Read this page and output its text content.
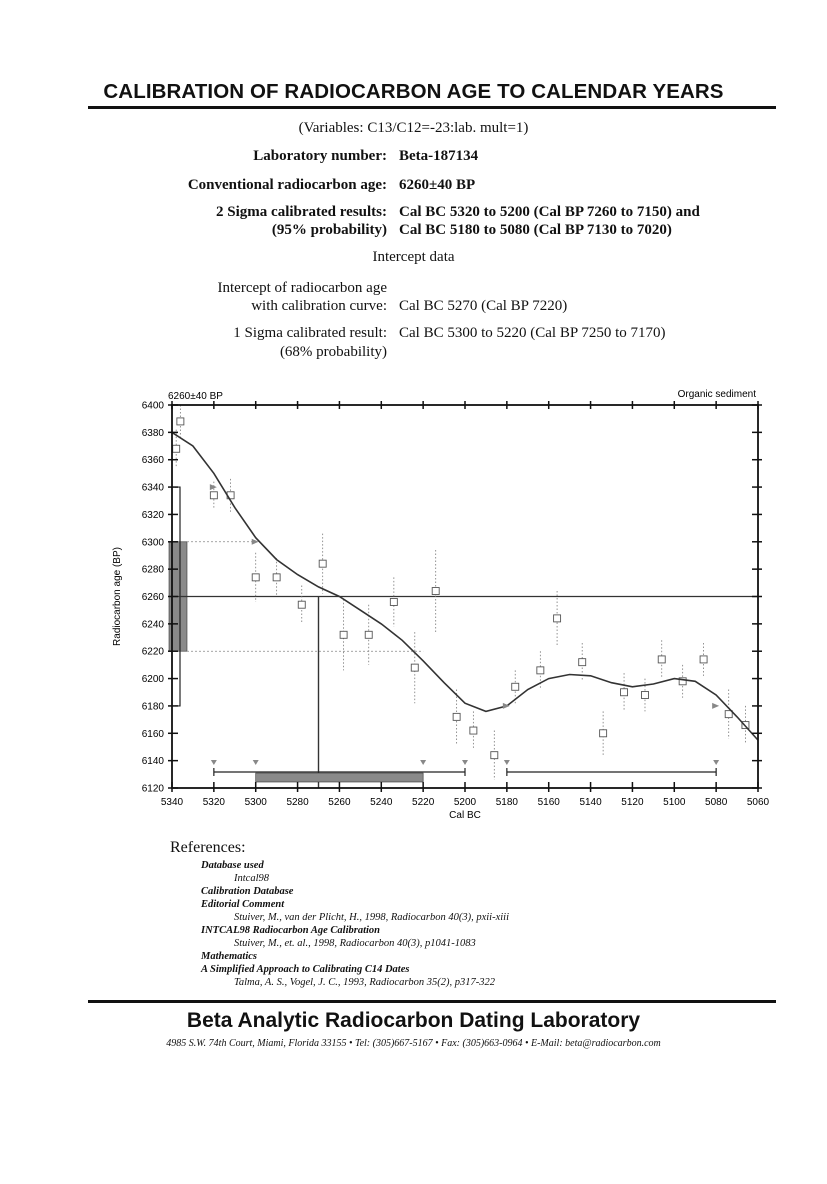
CALIBRATION OF RADIOCARBON AGE TO CALENDAR YEARS
(Variables: C13/C12=-23:lab. mult=1)
Laboratory number: Beta-187134
Conventional radiocarbon age: 6260±40 BP
2 Sigma calibrated results: Cal BC 5320 to 5200 (Cal BP 7260 to 7150) and
(95% probability) Cal BC 5180 to 5080 (Cal BP 7130 to 7020)
Intercept data
Intercept of radiocarbon age
with calibration curve: Cal BC 5270 (Cal BP 7220)
1 Sigma calibrated result: Cal BC 5300 to 5220 (Cal BP 7250 to 7170)
(68% probability)
6120
6140
6160
6180
6200
6220
6240
6260
6280
6300
6320
6340
6360
6380
6400
5340 5320 5300 5280 5260 5240 5220 5200 5180 5160 5140 5120 5100 5080 5060
6260±40 BP	Organic sediment
Cal BC
Radiocarbon age (BP)
References:
Database used
Intcal98
Calibration Database
Editorial Comment
Stuiver, M., van der Plicht, H., 1998, Radiocarbon 40(3), pxii-xiii
INTCAL98 Radiocarbon Age Calibration
Stuiver, M., et. al., 1998, Radiocarbon 40(3), p1041-1083
Mathematics
A Simplified Approach to Calibrating C14 Dates
Talma, A. S., Vogel, J. C., 1993, Radiocarbon 35(2), p317-322
Beta Analytic Radiocarbon Dating Laboratory
4985 S.W. 74th Court, Miami, Florida 33155 • Tel: (305)667-5167 • Fax: (305)663-0964 • E-Mail: beta@radiocarbon.com
